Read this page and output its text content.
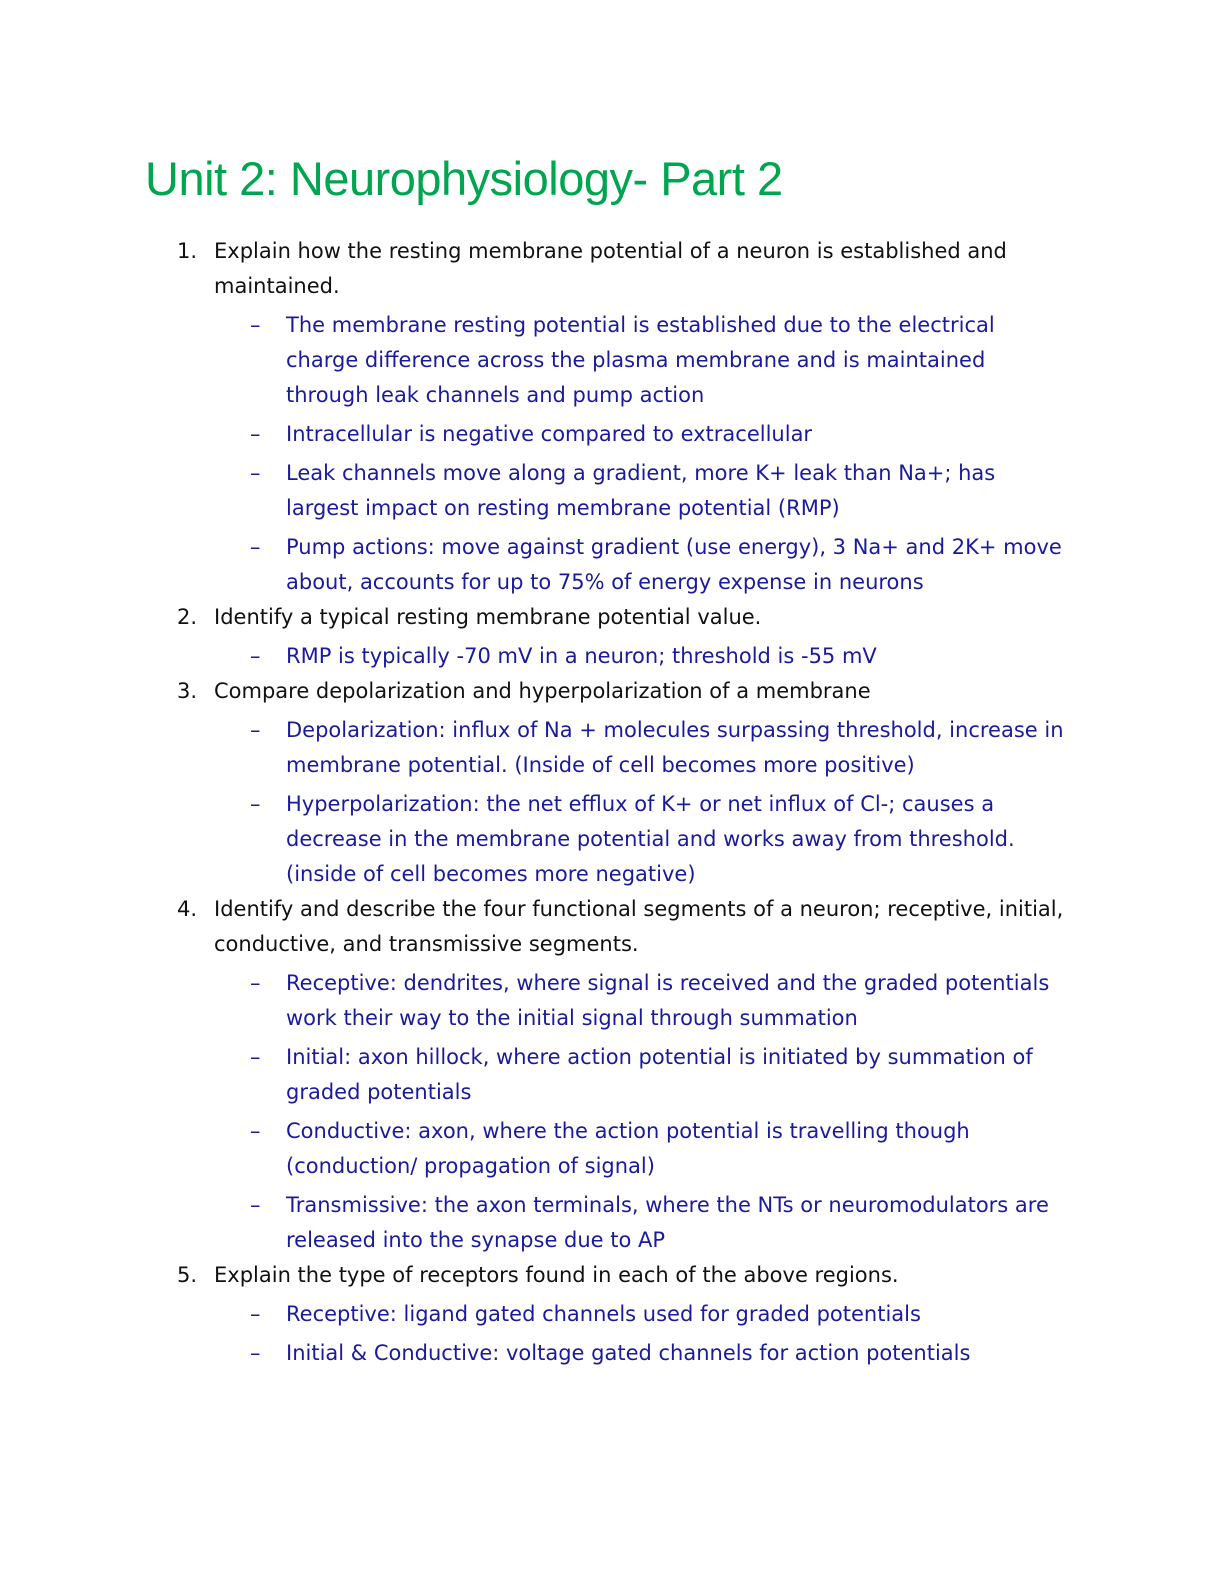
Unit 2: Neurophysiology- Part 2
1. Explain how the resting membrane potential of a neuron is established and maintained.
– The membrane resting potential is established due to the electrical charge difference across the plasma membrane and is maintained through leak channels and pump action
– Intracellular is negative compared to extracellular
– Leak channels move along a gradient, more K+ leak than Na+; has largest impact on resting membrane potential (RMP)
– Pump actions: move against gradient (use energy), 3 Na+ and 2K+ move about, accounts for up to 75% of energy expense in neurons
2. Identify a typical resting membrane potential value.
– RMP is typically -70 mV in a neuron; threshold is -55 mV
3. Compare depolarization and hyperpolarization of a membrane
– Depolarization: influx of Na + molecules surpassing threshold, increase in membrane potential. (Inside of cell becomes more positive)
– Hyperpolarization: the net efflux of K+ or net influx of Cl-; causes a decrease in the membrane potential and works away from threshold. (inside of cell becomes more negative)
4. Identify and describe the four functional segments of a neuron; receptive, initial, conductive, and transmissive segments.
– Receptive: dendrites, where signal is received and the graded potentials work their way to the initial signal through summation
– Initial: axon hillock, where action potential is initiated by summation of graded potentials
– Conductive: axon, where the action potential is travelling though (conduction/ propagation of signal)
– Transmissive: the axon terminals, where the NTs or neuromodulators are released into the synapse due to AP
5. Explain the type of receptors found in each of the above regions.
– Receptive: ligand gated channels used for graded potentials
– Initial & Conductive: voltage gated channels for action potentials
